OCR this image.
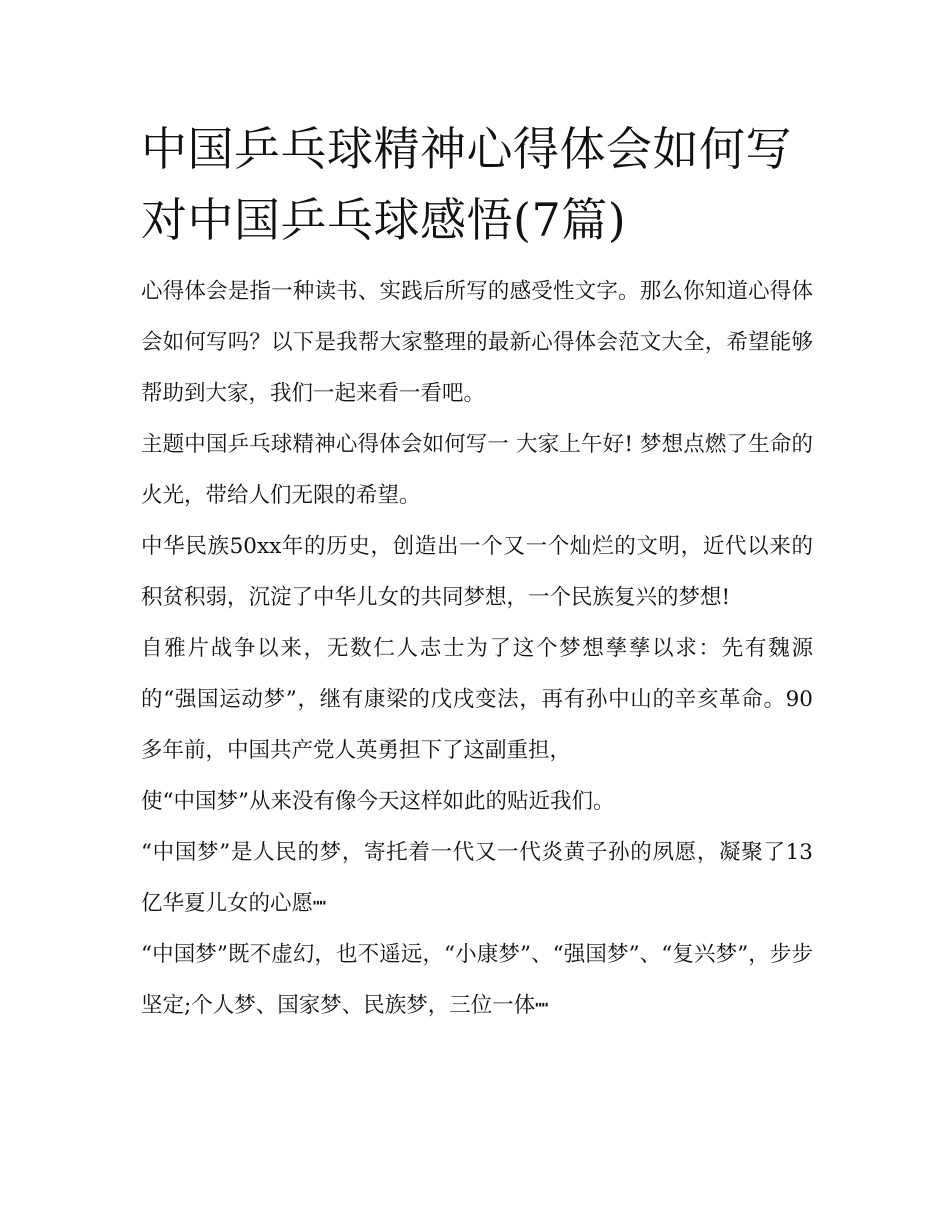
中国乒乓球精神心得体会如何写 对中国乒乓球感悟(7篇)

心得体会是指一种读书、实践后所写的感受性文字。那么你知道心得体会如何写吗？以下是我帮大家整理的最新心得体会范文大全，希望能够帮助到大家，我们一起来看一看吧。

主题中国乒乓球精神心得体会如何写一 大家上午好! 梦想点燃了生命的火光，带给人们无限的希望。

中华民族50xx年的历史，创造出一个又一个灿烂的文明，近代以来的积贫积弱，沉淀了中华儿女的共同梦想，一个民族复兴的梦想!

自雅片战争以来，无数仁人志士为了这个梦想孳孳以求：先有魏源的“强国运动梦”，继有康梁的戊戌变法，再有孙中山的辛亥革命。90多年前，中国共产党人英勇担下了这副重担，

使“中国梦”从来没有像今天这样如此的贴近我们。

“中国梦”是人民的梦，寄托着一代又一代炎黄子孙的夙愿，凝聚了13亿华夏儿女的心愿┉

“中国梦”既不虚幻，也不遥远，“小康梦”、“强国梦”、“复兴梦”，步步坚定;个人梦、国家梦、民族梦，三位一体┉
